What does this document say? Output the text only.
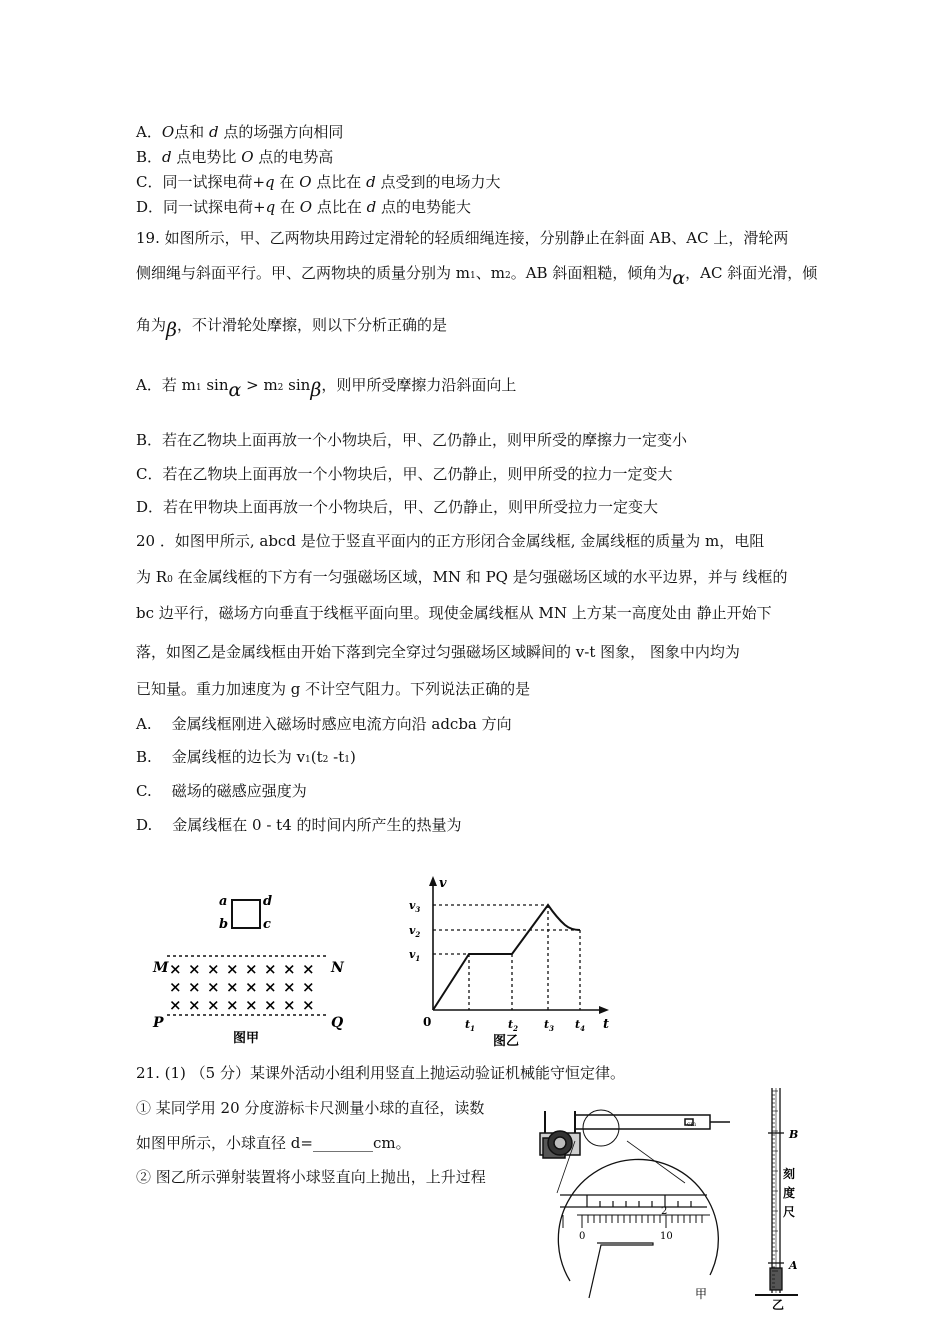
A．O点和 d 点的场强方向相同
B．d 点电势比 O 点的电势高
C．同一试探电荷+q 在 O 点比在 d 点受到的电场力大
D．同一试探电荷+q 在 O 点比在 d 点的电势能大
19. 如图所示，甲、乙两物块用跨过定滑轮的轻质细绳连接，分别静止在斜面 AB、AC 上，滑轮两
侧细绳与斜面平行。甲、乙两物块的质量分别为 m1、m2。AB 斜面粗糙，倾角为α，AC 斜面光滑，倾
角为β，不计滑轮处摩擦，则以下分析正确的是
A．若 m1 sinα > m2 sinβ，则甲所受摩擦力沿斜面向上
B．若在乙物块上面再放一个小物块后，甲、乙仍静止，则甲所受的摩擦力一定变小
C．若在乙物块上面再放一个小物块后，甲、乙仍静止，则甲所受的拉力一定变大
D．若在甲物块上面再放一个小物块后，甲、乙仍静止，则甲所受拉力一定变大
20 ．如图甲所示, abcd 是位于竖直平面内的正方形闭合金属线框, 金属线框的质量为 m，电阻
为 R0 在金属线框的下方有一匀强磁场区域，MN 和 PQ 是匀强磁场区域的水平边界，并与 线框的
bc 边平行，磁场方向垂直于线框平面向里。现使金属线框从 MN 上方某一高度处由 静止开始下
落，如图乙是金属线框由开始下落到完全穿过匀强磁场区域瞬间的 v-t 图象， 图象中内均为
已知量。重力加速度为 g 不计空气阻力。下列说法正确的是
A. 金属线框刚进入磁场时感应电流方向沿 adcba 方向
B. 金属线框的边长为 v1(t2 -t1)
C. 磁场的磁感应强度为
D. 金属线框在 0 - t4 的时间内所产生的热量为
a	d
b	c
M	N
× × × × × × × ×
× × × × × × × ×
× × × × × × × ×
P	Q
图甲
v
t
0
$v_3$
$v_2$
$v_1$
$t_1$	$t_2$ $t_3$ $t_4$
图乙
21. (1) （5 分）某课外活动小组利用竖直上抛运动验证机械能守恒定律。
① 某同学用 20 分度游标卡尺测量小球的直径，读数
如图甲所示，小球直径 d=________cm。
② 图乙所示弹射装置将小球竖直向上抛出，上升过程
cm
2
0	10
甲
B
A
刻
度
尺
乙
